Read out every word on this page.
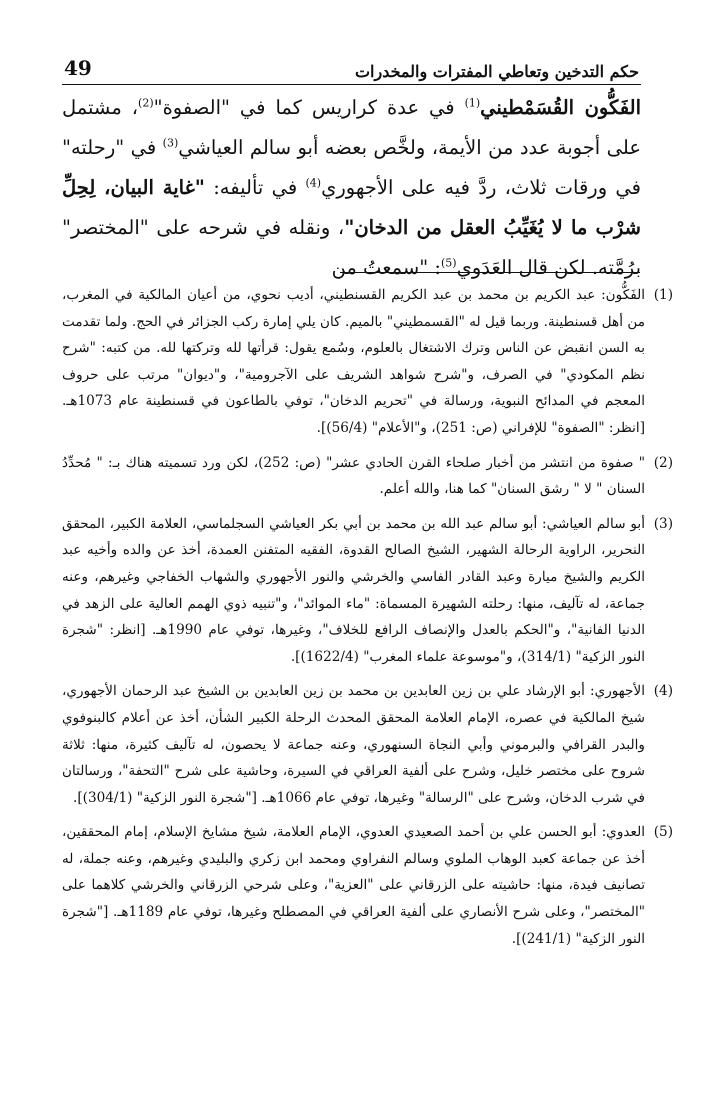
حكم التدخين وتعاطي المفترات والمخدرات
49

الفَكُّون القُسَمْطيني$^{(1)}$ في عدة كراريس كما في "الصفوة"$^{(2)}$، مشتمل على أجوبة عدد من الأيمة، ولخَّص بعضه أبو سالم العياشي$^{(3)}$ في "رحلته" في ورقات ثلاث، ردَّ فيه على الأجهوري$^{(4)}$ في تأليفه: "غاية البيان، لِحِلِّ شرْب ما لا يُغَيِّبُ العقل من الدخان"، ونقله في شرحه على "المختصر" برُمَّته. لكن قال العَدَوي$^{(5)}$: "سمعتُ من

(1)
الفَكُّون: عبد الكريم بن محمد بن عبد الكريم القسنطيني، أديب نحوي، من أعيان المالكية في المغرب، من أهل قسنطينة. وربما قيل له "القسمطيني" بالميم. كان يلي إمارة ركب الجزائر في الحج. ولما تقدمت به السن انقبض عن الناس وترك الاشتغال بالعلوم، وسُمع يقول: قرأتها لله وتركتها لله. من كتبه: "شرح نظم المكودي" في الصرف، و"شرح شواهد الشريف على الآجرومية"، و"ديوان" مرتب على حروف المعجم في المدائح النبوية، ورسالة في "تحريم الدخان"، توفي بالطاعون في قسنطينة عام 1073هـ. [انظر: "الصفوة" للإفراني (ص: 251)، و"الأعلام" (56/4)].
(2)
" صفوة من انتشر من أخبار صلحاء القرن الحادي عشر" (ص: 252)، لكن ورد تسميته هناك بـ: " مُحدِّدُ السنان " لا " رشق السنان" كما هنا، والله أعلم.
(3)
أبو سالم العياشي: أبو سالم عبد الله بن محمد بن أبي بكر العياشي السجلماسي، العلامة الكبير، المحقق النحرير، الراوية الرحالة الشهير، الشيخ الصالح القدوة، الفقيه المتفنن العمدة، أخذ عن والده وأخيه عبد الكريم والشيخ ميارة وعبد القادر الفاسي والخرشي والنور الأجهوري والشهاب الخفاجي وغيرهم، وعنه جماعة، له تآليف، منها: رحلته الشهيرة المسماة: "ماء الموائد"، و"تنبيه ذوي الهمم العالية على الزهد في الدنيا الفانية"، و"الحكم بالعدل والإنصاف الرافع للخلاف"، وغيرها، توفي عام 1990هـ. [انظر: "شجرة النور الزكية" (314/1)، و"موسوعة علماء المغرب" (1622/4)].
(4)
الأجهوري: أبو الإرشاد علي بن زين العابدين بن محمد بن زين العابدين بن الشيخ عبد الرحمان الأجهوري، شيخ المالكية في عصره، الإمام العلامة المحقق المحدث الرحلة الكبير الشأن، أخذ عن أعلام كالبنوفوي والبدر القرافي والبرموني وأبي النجاة السنهوري، وعنه جماعة لا يحصون، له تآليف كثيرة، منها: ثلاثة شروح على مختصر خليل، وشرح على ألفية العراقي في السيرة، وحاشية على شرح "التحفة"، ورسالتان في شرب الدخان، وشرح على "الرسالة" وغيرها، توفي عام 1066هـ. ["شجرة النور الزكية" (304/1)].
(5)
العدوي: أبو الحسن علي بن أحمد الصعيدي العدوي، الإمام العلامة، شيخ مشايخ الإسلام، إمام المحققين، أخذ عن جماعة كعبد الوهاب الملوي وسالم النفراوي ومحمد ابن زكري والبليدي وغيرهم، وعنه جملة، له تصانيف فيدة، منها: حاشيته على الزرقاني على "العزية"، وعلى شرحي الزرقاني والخرشي كلاهما على "المختصر"، وعلى شرح الأنصاري على ألفية العراقي في المصطلح وغيرها، توفي عام 1189هـ. ["شجرة النور الزكية" (241/1)].
